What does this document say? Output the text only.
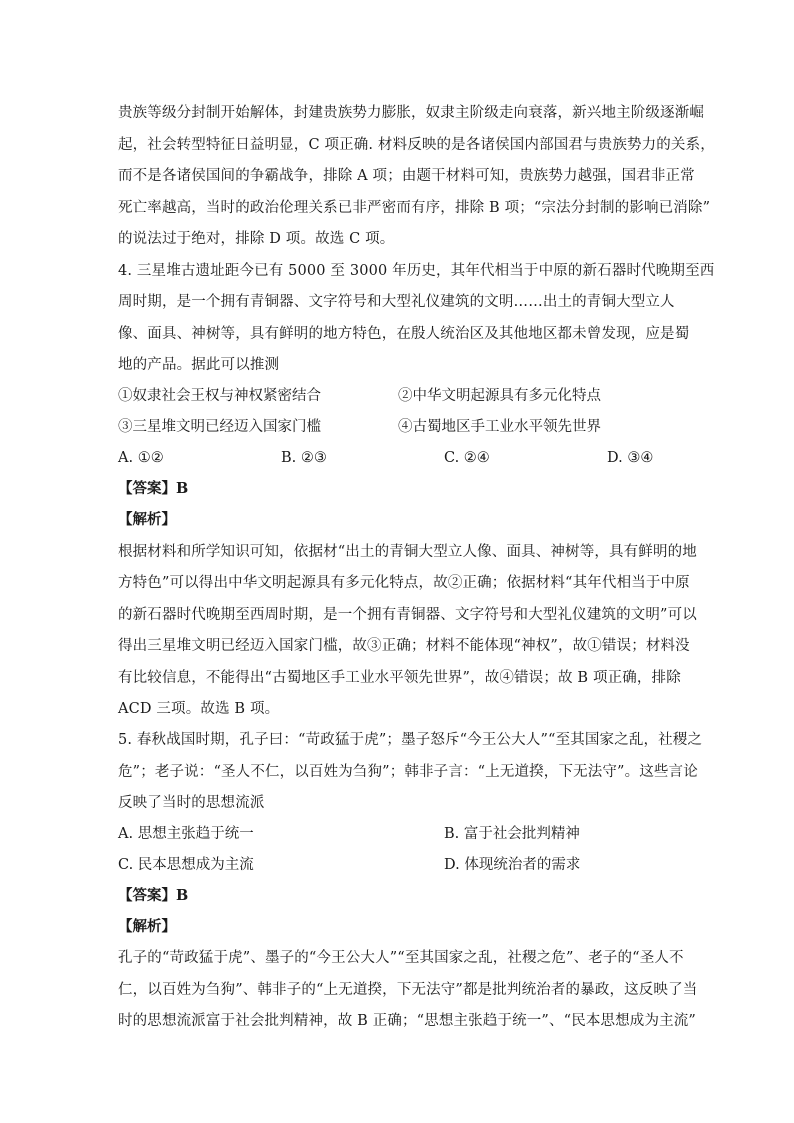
贵族等级分封制开始解体，封建贵族势力膨胀，奴隶主阶级走向衰落，新兴地主阶级逐渐崛
起，社会转型特征日益明显，C 项正确. 材料反映的是各诸侯国内部国君与贵族势力的关系，
而不是各诸侯国间的争霸战争，排除 A 项；由题干材料可知，贵族势力越强，国君非正常
死亡率越高，当时的政治伦理关系已非严密而有序，排除 B 项；“宗法分封制的影响已消除”
的说法过于绝对，排除 D 项。故选 C 项。
4. 三星堆古遗址距今已有 5000 至 3000 年历史，其年代相当于中原的新石器时代晚期至西
周时期，是一个拥有青铜器、文字符号和大型礼仪建筑的文明……出土的青铜大型立人
像、面具、神树等，具有鲜明的地方特色，在殷人统治区及其他地区都未曾发现，应是蜀
地的产品。据此可以推测
①奴隶社会王权与神权紧密结合	②中华文明起源具有多元化特点
③三星堆文明已经迈入国家门槛	④古蜀地区手工业水平领先世界
A. ①②	B. ②③	C. ②④	D. ③④
【答案】B
【解析】
根据材料和所学知识可知，依据材“出土的青铜大型立人像、面具、神树等，具有鲜明的地
方特色”可以得出中华文明起源具有多元化特点，故②正确；依据材料“其年代相当于中原
的新石器时代晚期至西周时期，是一个拥有青铜器、文字符号和大型礼仪建筑的文明”可以
得出三星堆文明已经迈入国家门槛，故③正确；材料不能体现“神权”，故①错误；材料没
有比较信息，不能得出“古蜀地区手工业水平领先世界”，故④错误；故 B 项正确，排除
ACD 三项。故选 B 项。
5. 春秋战国时期，孔子曰：“苛政猛于虎”；墨子怒斥“今王公大人”“至其国家之乱，社稷之
危”；老子说：“圣人不仁，以百姓为刍狗”；韩非子言：“上无道揆，下无法守”。这些言论
反映了当时的思想流派
A. 思想主张趋于统一	B. 富于社会批判精神
C. 民本思想成为主流	D. 体现统治者的需求
【答案】B
【解析】
孔子的“苛政猛于虎”、墨子的“今王公大人”“至其国家之乱，社稷之危”、老子的“圣人不
仁，以百姓为刍狗”、韩非子的“上无道揆，下无法守”都是批判统治者的暴政，这反映了当
时的思想流派富于社会批判精神，故 B 正确；“思想主张趋于统一”、“民本思想成为主流”
